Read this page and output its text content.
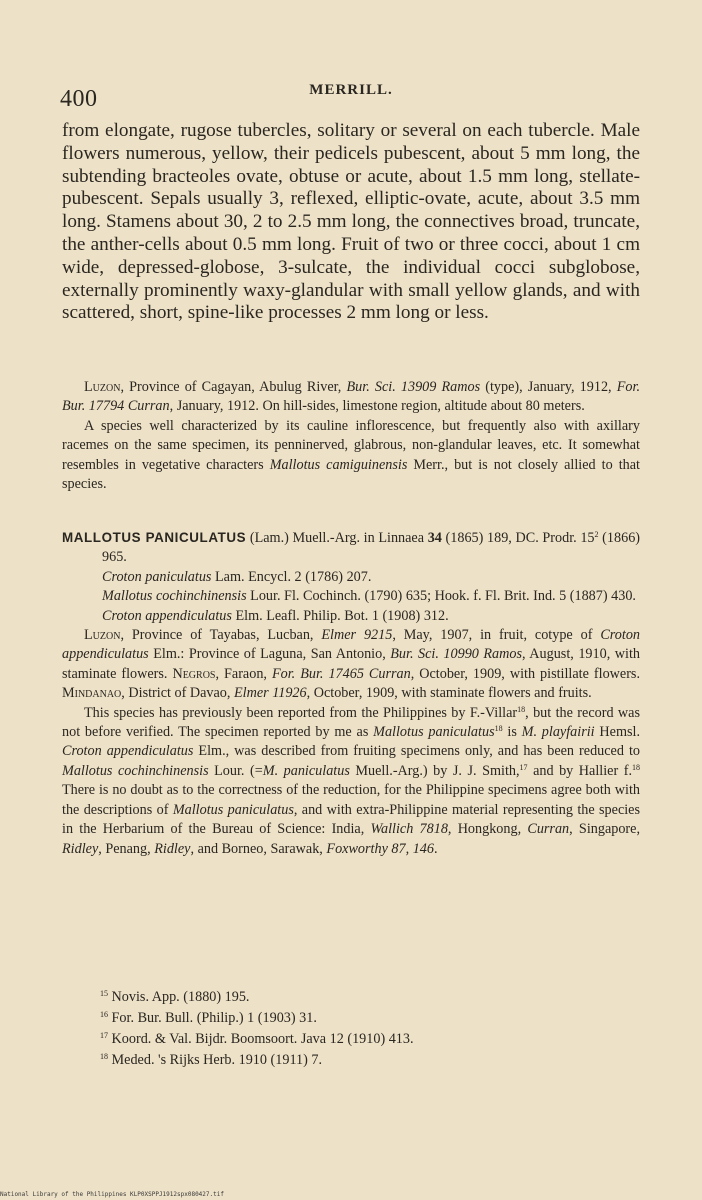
400	MERRILL.

from elongate, rugose tubercles, solitary or several on each tubercle. Male flowers numerous, yellow, their pedicels pubescent, about 5 mm long, the subtending bracteoles ovate, obtuse or acute, about 1.5 mm long, stellate-pubescent. Sepals usually 3, reflexed, elliptic-ovate, acute, about 3.5 mm long. Stamens about 30, 2 to 2.5 mm long, the connectives broad, truncate, the anther-cells about 0.5 mm long. Fruit of two or three cocci, about 1 cm wide, depressed-globose, 3-sulcate, the individual cocci subglobose, externally prominently waxy-glandular with small yellow glands, and with scattered, short, spine-like processes 2 mm long or less.

Luzon, Province of Cagayan, Abulug River, Bur. Sci. 13909 Ramos (type), January, 1912, For. Bur. 17794 Curran, January, 1912. On hill-sides, limestone region, altitude about 80 meters.

A species well characterized by its cauline inflorescence, but frequently also with axillary racemes on the same specimen, its penninerved, glabrous, non-glandular leaves, etc. It somewhat resembles in vegetative characters Mallotus camiguinensis Merr., but is not closely allied to that species.

MALLOTUS PANICULATUS (Lam.) Muell.-Arg. in Linnaea 34 (1865) 189, DC. Prodr. $15^2$ (1866) 965.

Croton paniculatus Lam. Encycl. 2 (1786) 207.

Mallotus cochinchinensis Lour. Fl. Cochinch. (1790) 635; Hook. f. Fl. Brit. Ind. 5 (1887) 430.

Croton appendiculatus Elm. Leafl. Philip. Bot. 1 (1908) 312.

Luzon, Province of Tayabas, Lucban, Elmer 9215, May, 1907, in fruit, cotype of Croton appendiculatus Elm.: Province of Laguna, San Antonio, Bur. Sci. 10990 Ramos, August, 1910, with staminate flowers. Negros, Faraon, For. Bur. 17465 Curran, October, 1909, with pistillate flowers. Mindanao, District of Davao, Elmer 11926, October, 1909, with staminate flowers and fruits.

This species has previously been reported from the Philippines by F.-Villar$^{18}$, but the record was not before verified. The specimen reported by me as Mallotus paniculatus$^{18}$ is M. playfairii Hemsl. Croton appendiculatus Elm., was described from fruiting specimens only, and has been reduced to Mallotus cochinchinensis Lour. (=M. paniculatus Muell.-Arg.) by J. J. Smith,$^{17}$ and by Hallier f.$^{18}$ There is no doubt as to the correctness of the reduction, for the Philippine specimens agree both with the descriptions of Mallotus paniculatus, and with extra-Philippine material representing the species in the Herbarium of the Bureau of Science: India, Wallich 7818, Hongkong, Curran, Singapore, Ridley, Penang, Ridley, and Borneo, Sarawak, Foxworthy 87, 146.

$^{15}$ Novis. App. (1880) 195.

$^{16}$ For. Bur. Bull. (Philip.) 1 (1903) 31.

$^{17}$ Koord. & Val. Bijdr. Boomsoort. Java 12 (1910) 413.

$^{18}$ Meded. 's Rijks Herb. 1910 (1911) 7.

National Library of the Philippines KLP0XSPPJ1912spx080427.tif
